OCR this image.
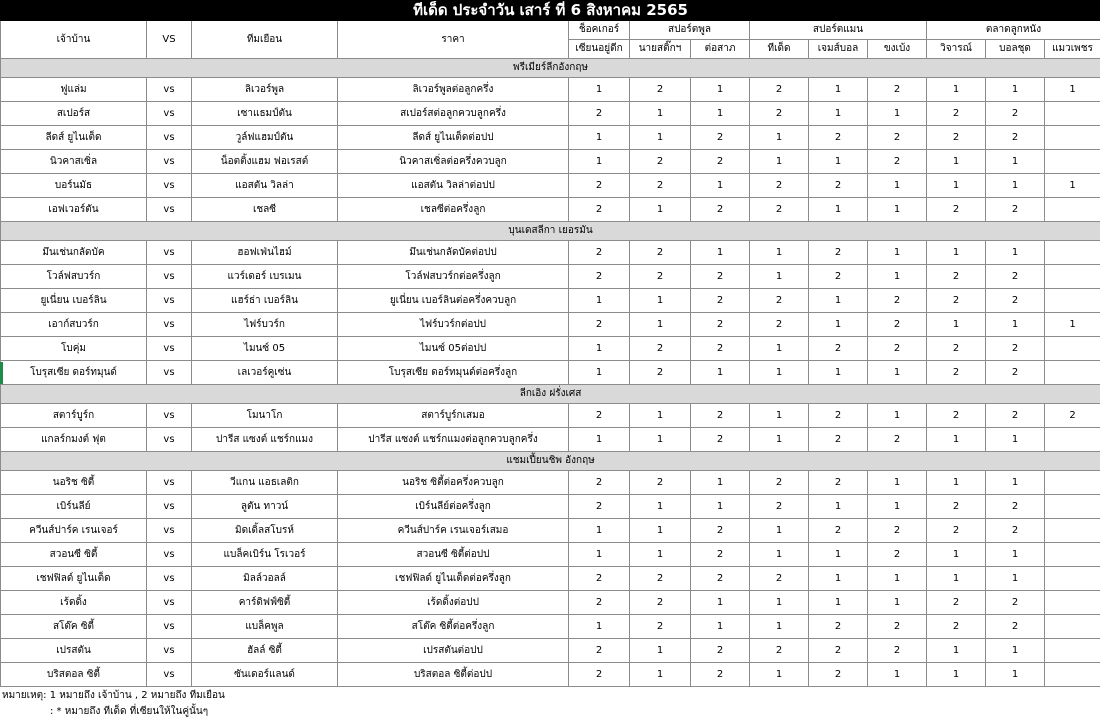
ทีเด็ด ประจำวัน เสาร์ ที่ 6 สิงหาคม 2565												
เจ้าบ้าน	VS	ทีมเยือน	ราคา	ช็อคเกอร์	สปอร์ตพูล		สปอร์ตแมน			ตลาดลูกหนัง		
				เซียนอยู่ดีก	นายสติ๊กฯ	ต่อสาภ	ทีเด็ด	เจมส์บอล	ขงเบ้ง	วิจารณ์	บอลชุด	แมวเพชร
พรีเมียร์ลีกอังกฤษ												
ฟูแล่ม	vs	ลิเวอร์พูล	ลิเวอร์พูลต่อลูกครึ่ง	1	2	1	2	1	2	1	1	1
สเปอร์ส	vs	เซาแธมป์ตัน	สเปอร์สต่อลูกควบลูกครึ่ง	2	1	1	2	1	1	2	2	
ลีดส์ ยูไนเต็ด	vs	วูล์ฟแฮมป์ตัน	ลีดส์ ยูไนเต็ดต่อปป	1	1	2	1	2	2	2	2	
นิวคาสเซิ่ล	vs	น็อตติ้งแฮม ฟอเรสต์	นิวคาสเซิ่ลต่อครึ่งควบลูก	1	2	2	1	1	2	1	1	
บอร์นมัธ	vs	แอสตัน วิลล่า	แอสตัน วิลล่าต่อปป	2	2	1	2	2	1	1	1	1
เอฟเวอร์ตัน	vs	เชลซี	เชลซีต่อครึ่งลูก	2	1	2	2	1	1	2	2	
บุนเดสลีกา เยอรมัน												
มึนเช่นกลัดบัค	vs	ฮอฟเฟ่นไฮม์	มึนเช่นกลัดบัคต่อปป	2	2	1	1	2	1	1	1	
โวล์ฟสบวร์ก	vs	แวร์เดอร์ เบรเมน	โวล์ฟสบวร์กต่อครึ่งลูก	2	2	2	1	2	1	2	2	
ยูเนี่ยน เบอร์ลิน	vs	แฮร์ธ่า เบอร์ลิน	ยูเนี่ยน เบอร์ลินต่อครึ่งควบลูก	1	1	2	2	1	2	2	2	
เอาก์สบวร์ก	vs	ไฟร์บวร์ก	ไฟร์บวร์กต่อปป	2	1	2	2	1	2	1	1	1
โบคุ่ม	vs	ไมนซ์ 05	ไมนซ์ 05ต่อปป	1	2	2	1	2	2	2	2	
โบรุสเซีย ดอร์ทมุนด์	vs	เลเวอร์คูเซ่น	โบรุสเซีย ดอร์ทมุนด์ต่อครึ่งลูก	1	2	1	1	1	1	2	2	
ลีกเอิง ฝรั่งเศส												
สตาร์บูร์ก	vs	โมนาโก	สตาร์บูร์กเสมอ	2	1	2	1	2	1	2	2	2
แกลร์กมงต์ ฟุต	vs	ปารีส แซงต์ แชร์กแมง	ปารีส แซงต์ แชร์กแมงต่อลูกควบลูกครึ่ง	1	1	2	1	2	2	1	1	
แชมเปี้ยนชิพ อังกฤษ												
นอริช ซิตี้	vs	วีแกน แอธเลติก	นอริช ซิตี้ต่อครึ่งควบลูก	2	2	1	2	2	1	1	1	
เบิร์นลีย์	vs	ลูตัน ทาวน์	เบิร์นลีย์ต่อครึ่งลูก	2	1	1	2	1	1	2	2	
ควีนส์ปาร์ค เรนเจอร์	vs	มิดเดิ้ลสโบรห์	ควีนส์ปาร์ค เรนเจอร์เสมอ	1	1	2	1	2	2	2	2	
สวอนซี ซิตี้	vs	แบล็คเบิร์น โรเวอร์	สวอนซี ซิตี้ต่อปป	1	1	2	1	1	2	1	1	
เชฟฟิลด์ ยูไนเต็ด	vs	มิลล์วอลล์	เชฟฟิลด์ ยูไนเต็ดต่อครึ่งลูก	2	2	2	2	1	1	1	1	
เร้ดดิ้ง	vs	คาร์ดิฟฟ์ซิตี้	เร้ดดิ้งต่อปป	2	2	1	1	1	1	2	2	
สโต๊ค ซิตี้	vs	แบล็คพูล	สโต๊ค ซิตี้ต่อครึ่งลูก	1	2	1	1	2	2	2	2	
เปรสตัน	vs	ฮัลล์ ซิตี้	เปรสตันต่อปป	2	1	2	2	2	2	1	1	
บริสตอล ซิตี้	vs	ซันเดอร์แลนด์	บริสตอล ซิตี้ต่อปป	2	1	2	1	2	1	1	1	
หมายเหตุ: 1 หมายถึง เจ้าบ้าน , 2 หมายถึง ทีมเยือน
: * หมายถึง ทีเด็ด ที่เซียนให้ในคู่นั้นๆ
